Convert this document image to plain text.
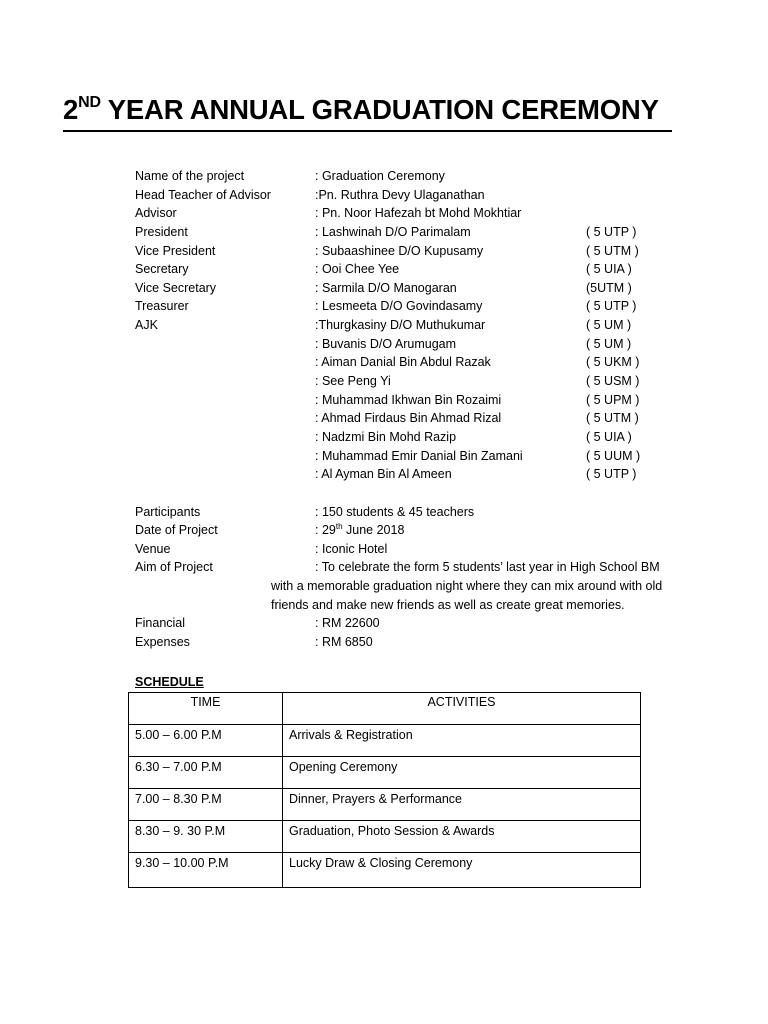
2ND YEAR ANNUAL GRADUATION CEREMONY
Name of the project	: Graduation Ceremony
Head Teacher of Advisor	:Pn. Ruthra Devy Ulaganathan
Advisor	: Pn. Noor Hafezah bt Mohd Mokhtiar
President	: Lashwinah D/O Parimalam	( 5 UTP )
Vice President	: Subaashinee D/O Kupusamy	( 5 UTM )
Secretary	: Ooi Chee Yee	( 5 UIA )
Vice Secretary	: Sarmila D/O Manogaran	(5UTM )
Treasurer	: Lesmeeta D/O Govindasamy	( 5 UTP )
AJK	:Thurgkasiny D/O Muthukumar	( 5 UM )
: Buvanis D/O Arumugam	( 5 UM )
: Aiman Danial Bin Abdul Razak	( 5 UKM )
: See Peng Yi	( 5 USM )
: Muhammad Ikhwan Bin Rozaimi	( 5 UPM )
: Ahmad Firdaus Bin Ahmad Rizal	( 5 UTM )
: Nadzmi Bin Mohd Razip	( 5 UIA )
: Muhammad Emir Danial Bin Zamani	( 5 UUM )
: Al Ayman Bin Al Ameen	( 5 UTP )
Participants	: 150 students & 45 teachers
Date of Project	: 29th June 2018
Venue	: Iconic Hotel
Aim of Project	: To celebrate the form 5 students’ last year in High School BM
with a memorable graduation night where they can mix around with old
friends and make new friends as well as create great memories.
Financial	: RM 22600
Expenses	: RM 6850
SCHEDULE
TIME	ACTIVITIES
5.00 – 6.00 P.M	Arrivals & Registration
6.30 – 7.00 P.M	Opening Ceremony
7.00 – 8.30 P.M	Dinner, Prayers & Performance
8.30 – 9. 30 P.M	Graduation, Photo Session & Awards
9.30 – 10.00 P.M	Lucky Draw & Closing Ceremony
